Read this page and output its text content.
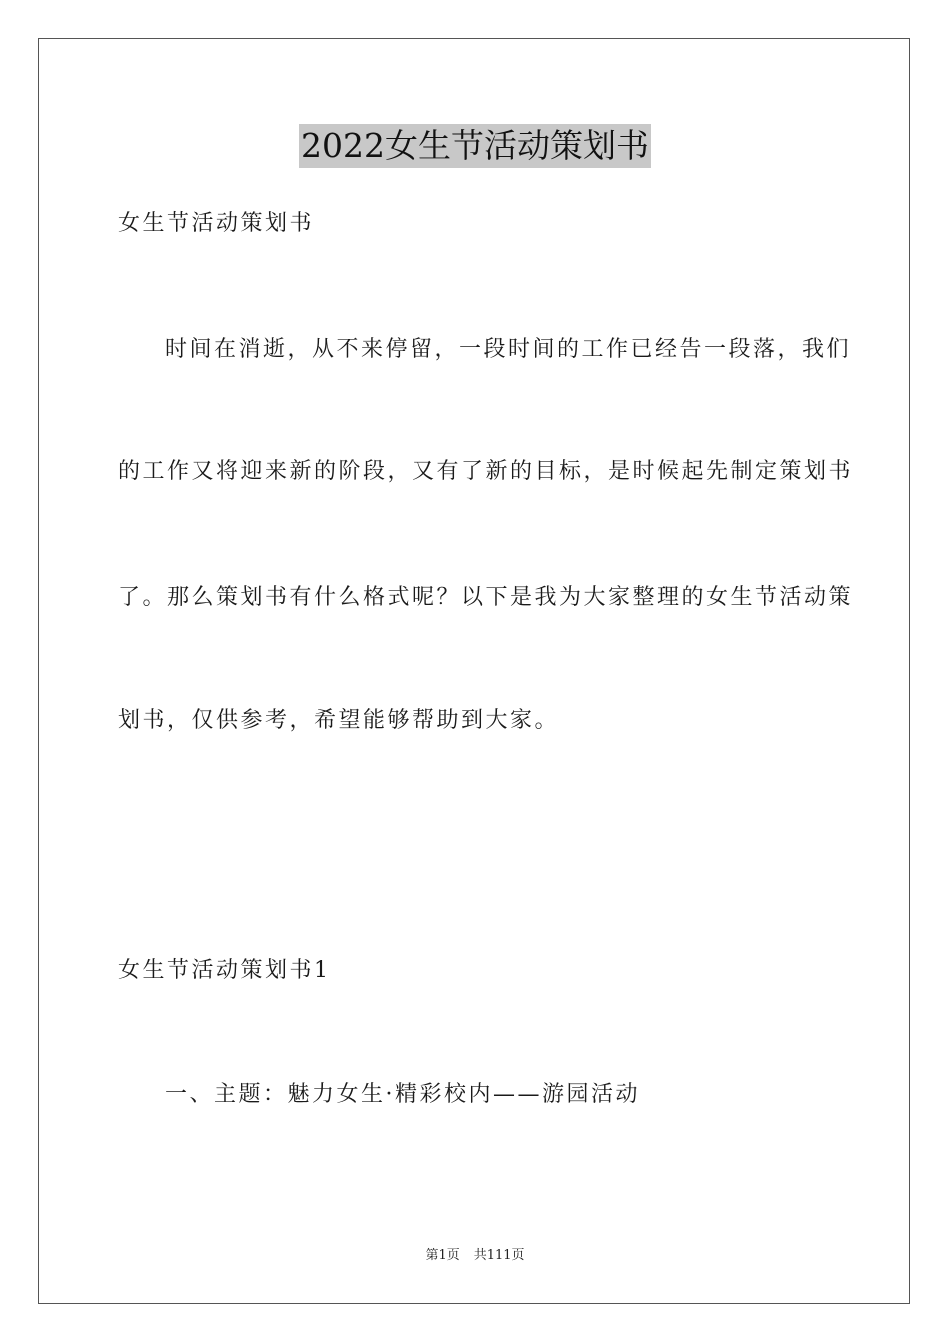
2022女生节活动策划书
女生节活动策划书
时间在消逝，从不来停留，一段时间的工作已经告一段落，我们
的工作又将迎来新的阶段，又有了新的目标，是时候起先制定策划书
了。那么策划书有什么格式呢？以下是我为大家整理的女生节活动策
划书，仅供参考，希望能够帮助到大家。
女生节活动策划书1
一、主题：魅力女生·精彩校内——游园活动
第1页 共111页
